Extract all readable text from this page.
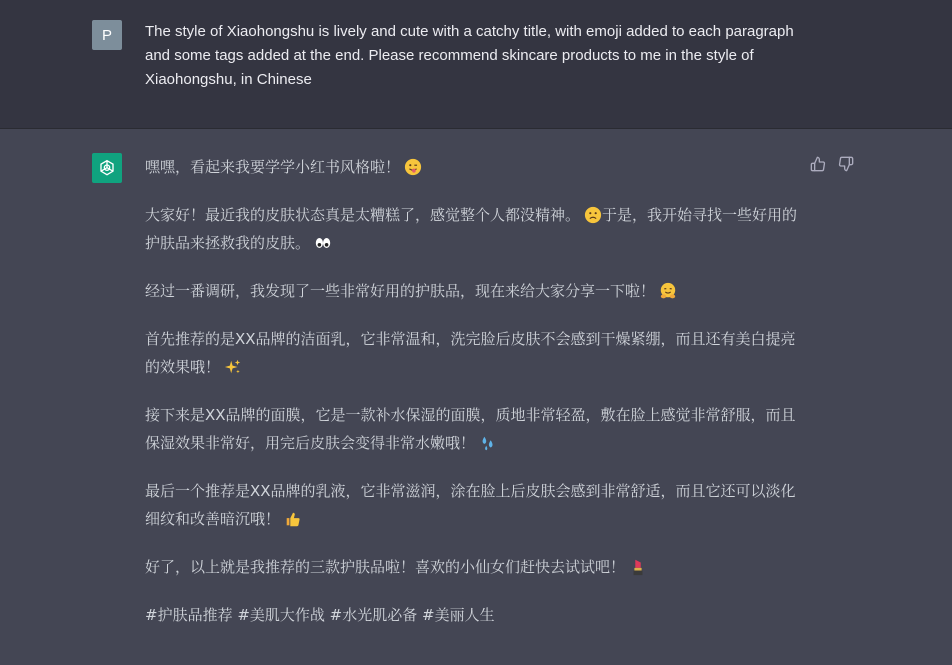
P	The style of Xiaohongshu is lively and cute with a catchy title, with emoji added to each paragraph and some tags added at the end. Please recommend skincare products to me in the style of Xiaohongshu, in Chinese

嘿嘿，看起来我要学学小红书风格啦！

大家好！最近我的皮肤状态真是太糟糕了，感觉整个人都没精神。 于是，我开始寻找一些好用的护肤品来拯救我的皮肤。

经过一番调研，我发现了一些非常好用的护肤品，现在来给大家分享一下啦！

首先推荐的是XX品牌的洁面乳，它非常温和，洗完脸后皮肤不会感到干燥紧绷，而且还有美白提亮的效果哦！

接下来是XX品牌的面膜，它是一款补水保湿的面膜，质地非常轻盈，敷在脸上感觉非常舒服，而且保湿效果非常好，用完后皮肤会变得非常水嫩哦！

最后一个推荐是XX品牌的乳液，它非常滋润，涂在脸上后皮肤会感到非常舒适，而且它还可以淡化细纹和改善暗沉哦！

好了，以上就是我推荐的三款护肤品啦！喜欢的小仙女们赶快去试试吧！

#护肤品推荐 #美肌大作战 #水光肌必备 #美丽人生
